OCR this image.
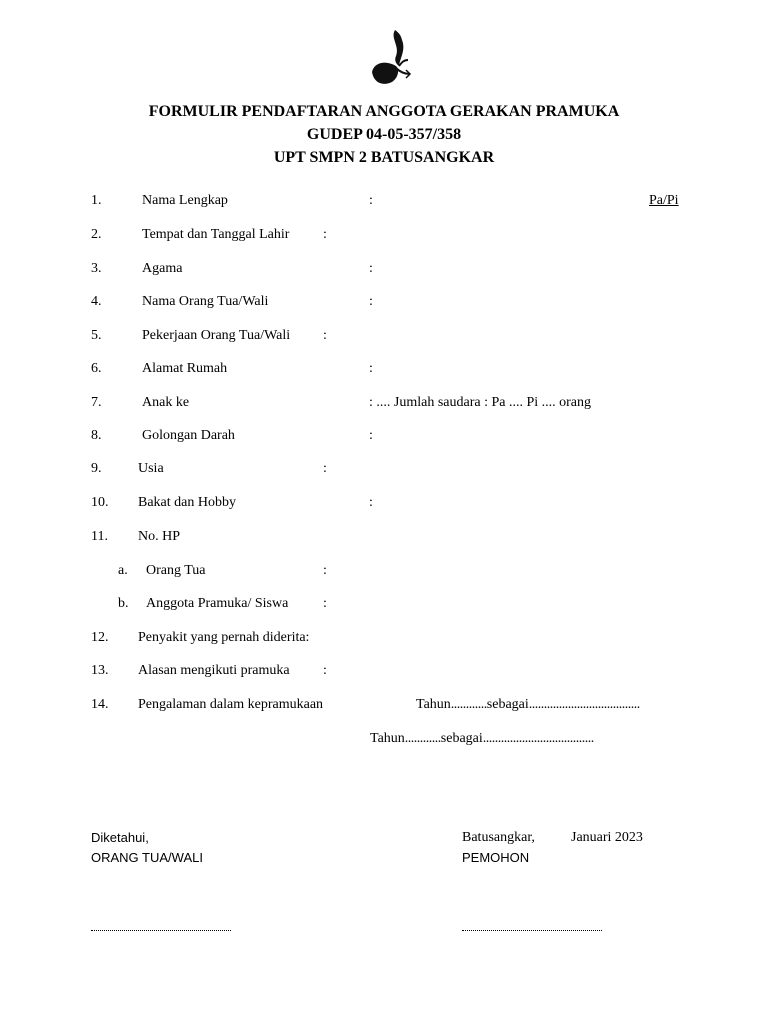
FORMULIR PENDAFTARAN ANGGOTA GERAKAN PRAMUKA
GUDEP 04-05-357/358
UPT SMPN 2 BATUSANGKAR
1.	Nama Lengkap	:	Pa/Pi
2.	Tempat dan Tanggal Lahir :
3.	Agama	:
4.	Nama Orang Tua/Wali	:
5.	Pekerjaan Orang Tua/Wali :
6.	Alamat Rumah	:
7.	Anak ke	: .... Jumlah saudara : Pa .... Pi .... orang
8.	Golongan Darah	:
9.	Usia	:
10. Bakat dan Hobby	:
11. No. HP
a. Orang Tua	:
b. Anggota Pramuka/ Siswa :
12. Penyakit yang pernah diderita:
13. Alasan mengikuti pramuka :
14. Pengalaman dalam kepramukaan	Tahun............sebagai.....................................
Tahun............sebagai.....................................
Diketahui,
ORANG TUA/WALI
Batusangkar,	Januari 2023
PEMOHON
